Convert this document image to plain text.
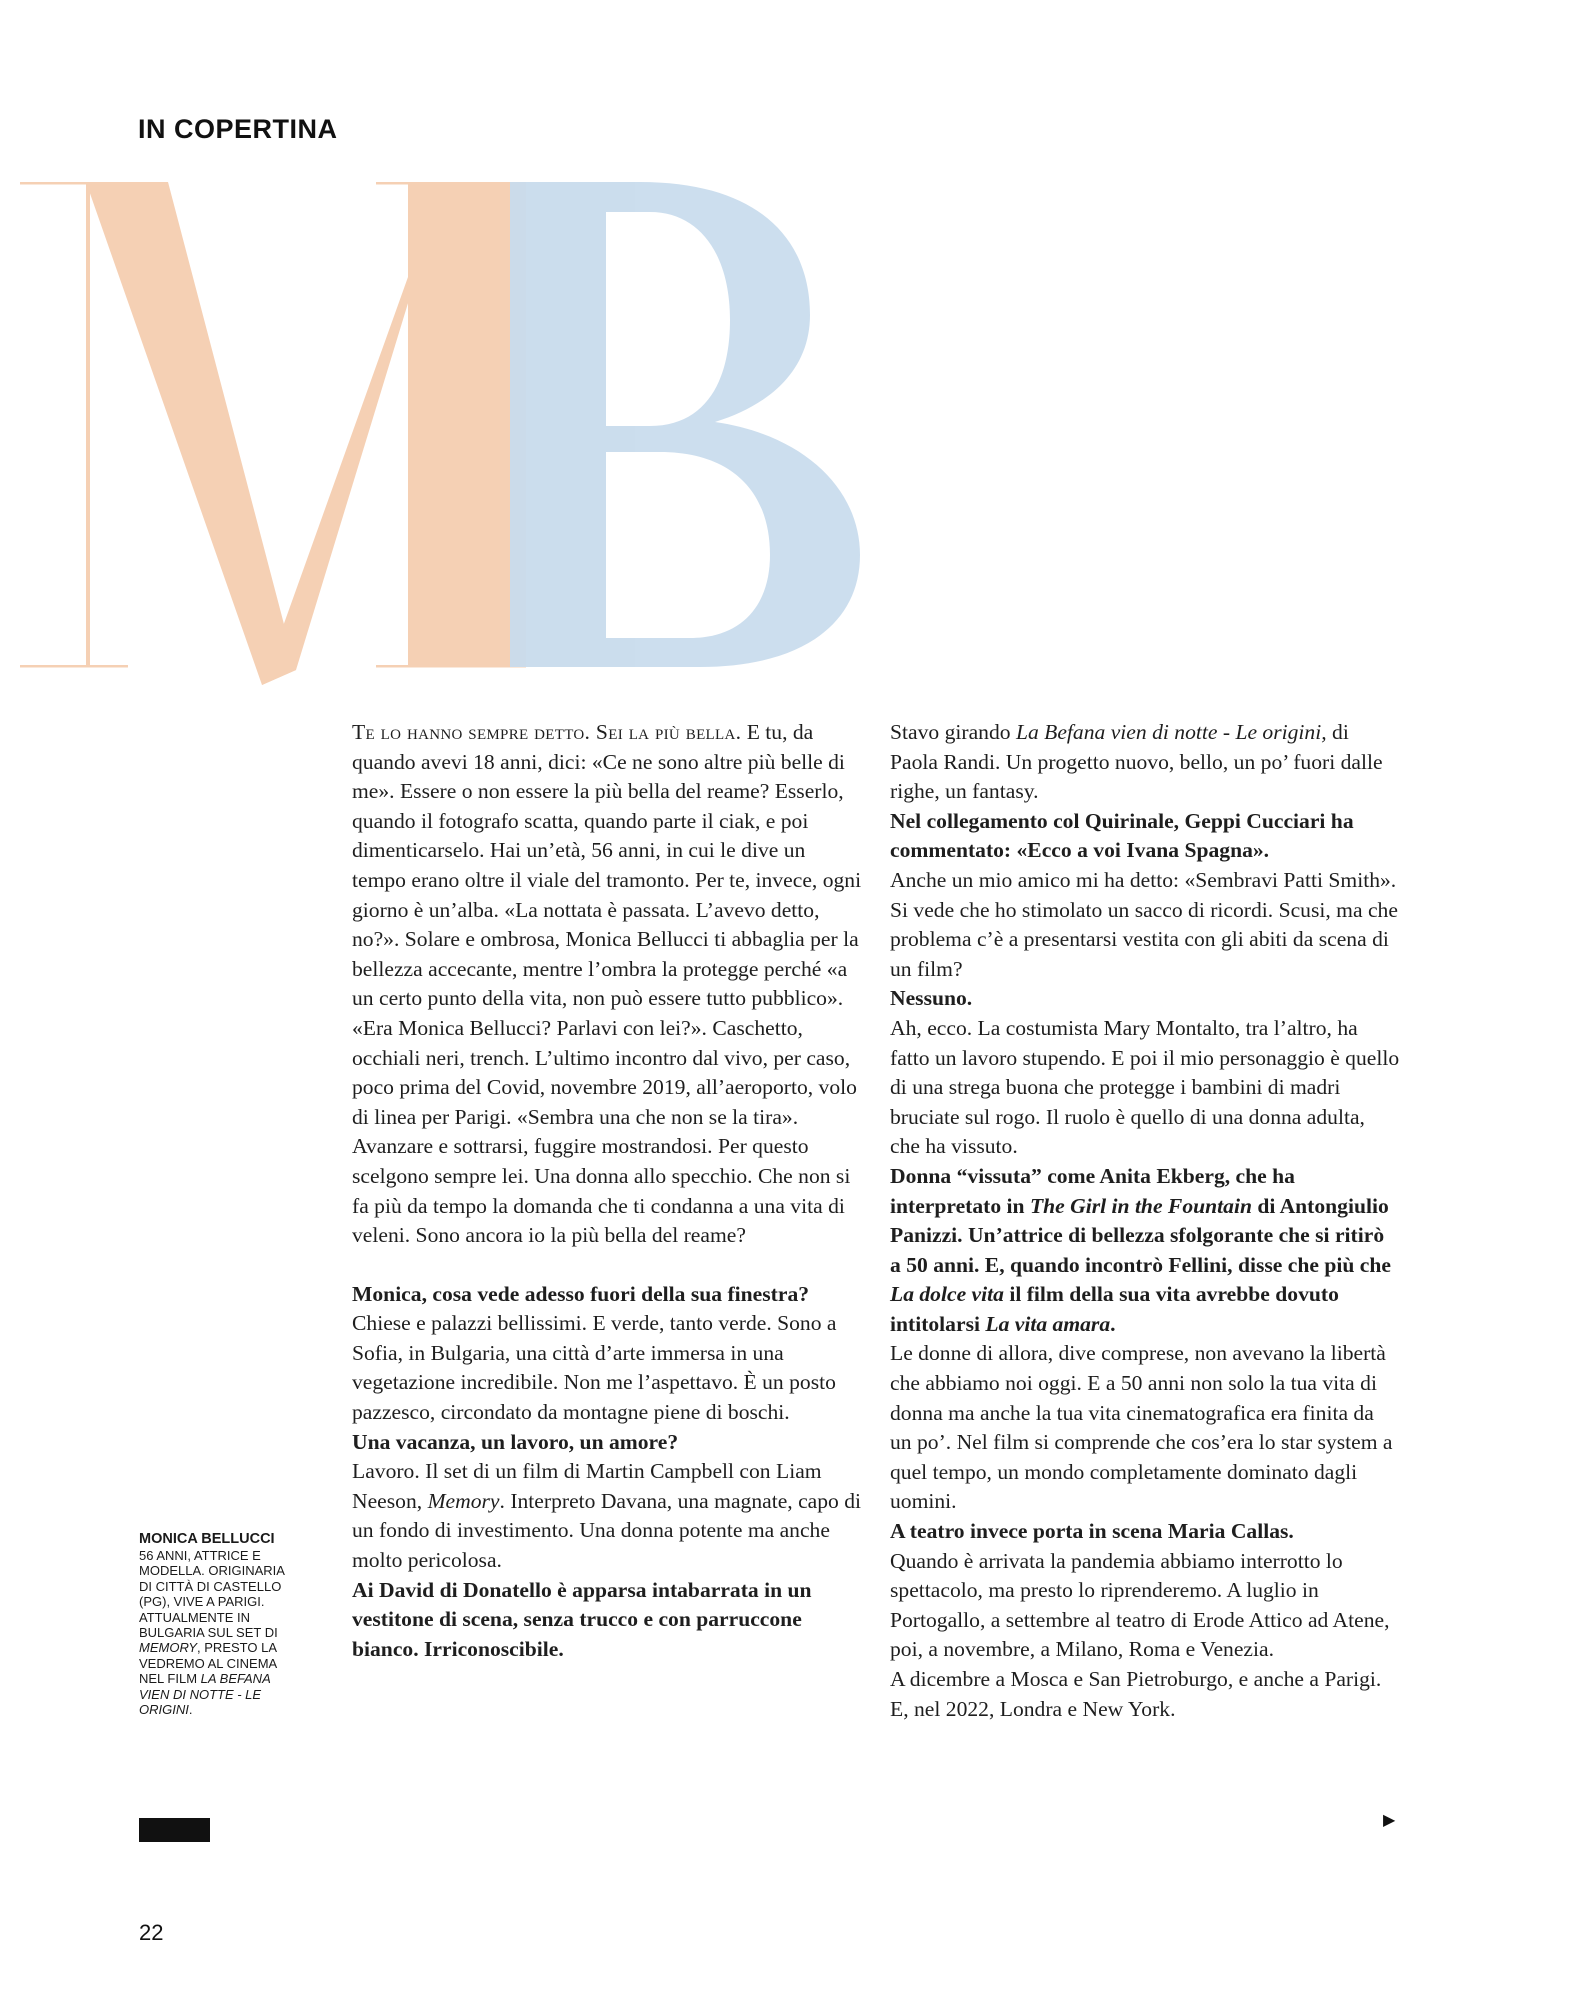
IN COPERTINA

Te lo hanno sempre detto. Sei la più bella. E tu, da quando avevi 18 anni, dici: «Ce ne sono altre più belle di me». Essere o non essere la più bella del reame? Esserlo, quando il fotografo scatta, quando parte il ciak, e poi dimenticarselo. Hai un’età, 56 anni, in cui le dive un tempo erano oltre il viale del tramonto. Per te, invece, ogni giorno è un’alba. «La nottata è passata. L’avevo detto, no?». Solare e ombrosa, Monica Bellucci ti abbaglia per la bellezza accecante, mentre l’ombra la protegge perché «a un certo punto della vita, non può essere tutto pubblico».

«Era Monica Bellucci? Parlavi con lei?». Caschetto, occhiali neri, trench. L’ultimo incontro dal vivo, per caso, poco prima del Covid, novembre 2019, all’aeroporto, volo di linea per Parigi. «Sembra una che non se la tira». Avanzare e sottrarsi, fuggire mostrandosi. Per questo scelgono sempre lei. Una donna allo specchio. Che non si fa più da tempo la domanda che ti condanna a una vita di veleni. Sono ancora io la più bella del reame?

Monica, cosa vede adesso fuori della sua finestra?

Chiese e palazzi bellissimi. E verde, tanto verde. Sono a Sofia, in Bulgaria, una città d’arte immersa in una vegetazione incredibile. Non me l’aspettavo. È un posto pazzesco, circondato da montagne piene di boschi.

Una vacanza, un lavoro, un amore?

Lavoro. Il set di un film di Martin Campbell con Liam Neeson, Memory. Interpreto Davana, una magnate, capo di un fondo di investimento. Una donna potente ma anche molto pericolosa.

Ai David di Donatello è apparsa intabarrata in un vestitone di scena, senza trucco e con parruccone bianco. Irriconoscibile.

Stavo girando La Befana vien di notte - Le origini, di Paola Randi. Un progetto nuovo, bello, un po’ fuori dalle righe, un fantasy.

Nel collegamento col Quirinale, Geppi Cucciari ha commentato: «Ecco a voi Ivana Spagna».

Anche un mio amico mi ha detto: «Sembravi Patti Smith». Si vede che ho stimolato un sacco di ricordi. Scusi, ma che problema c’è a presentarsi vestita con gli abiti da scena di un film?

Nessuno.

Ah, ecco. La costumista Mary Montalto, tra l’altro, ha fatto un lavoro stupendo. E poi il mio personaggio è quello di una strega buona che protegge i bambini di madri bruciate sul rogo. Il ruolo è quello di una donna adulta, che ha vissuto.

Donna “vissuta” come Anita Ekberg, che ha interpretato in The Girl in the Fountain di Antongiulio Panizzi. Un’attrice di bellezza sfolgorante che si ritirò a 50 anni. E, quando incontrò Fellini, disse che più che La dolce vita il film della sua vita avrebbe dovuto intitolarsi La vita amara.

Le donne di allora, dive comprese, non avevano la libertà che abbiamo noi oggi. E a 50 anni non solo la tua vita di donna ma anche la tua vita cinematografica era finita da un po’. Nel film si comprende che cos’era lo star system a quel tempo, un mondo completamente dominato dagli uomini.

A teatro invece porta in scena Maria Callas.

Quando è arrivata la pandemia abbiamo interrotto lo spettacolo, ma presto lo riprenderemo. A luglio in Portogallo, a settembre al teatro di Erode Attico ad Atene, poi, a novembre, a Milano, Roma e Venezia.

A dicembre a Mosca e San Pietroburgo, e anche a Parigi. E, nel 2022, Londra e New York.

▶
MONICA BELLUCCI
56 ANNI, ATTRICE E MODELLA. ORIGINARIA DI CITTÀ DI CASTELLO (PG), VIVE A PARIGI. ATTUALMENTE IN BULGARIA SUL SET DI MEMORY, PRESTO LA VEDREMO AL CINEMA NEL FILM LA BEFANA VIEN DI NOTTE - LE ORIGINI.
22
